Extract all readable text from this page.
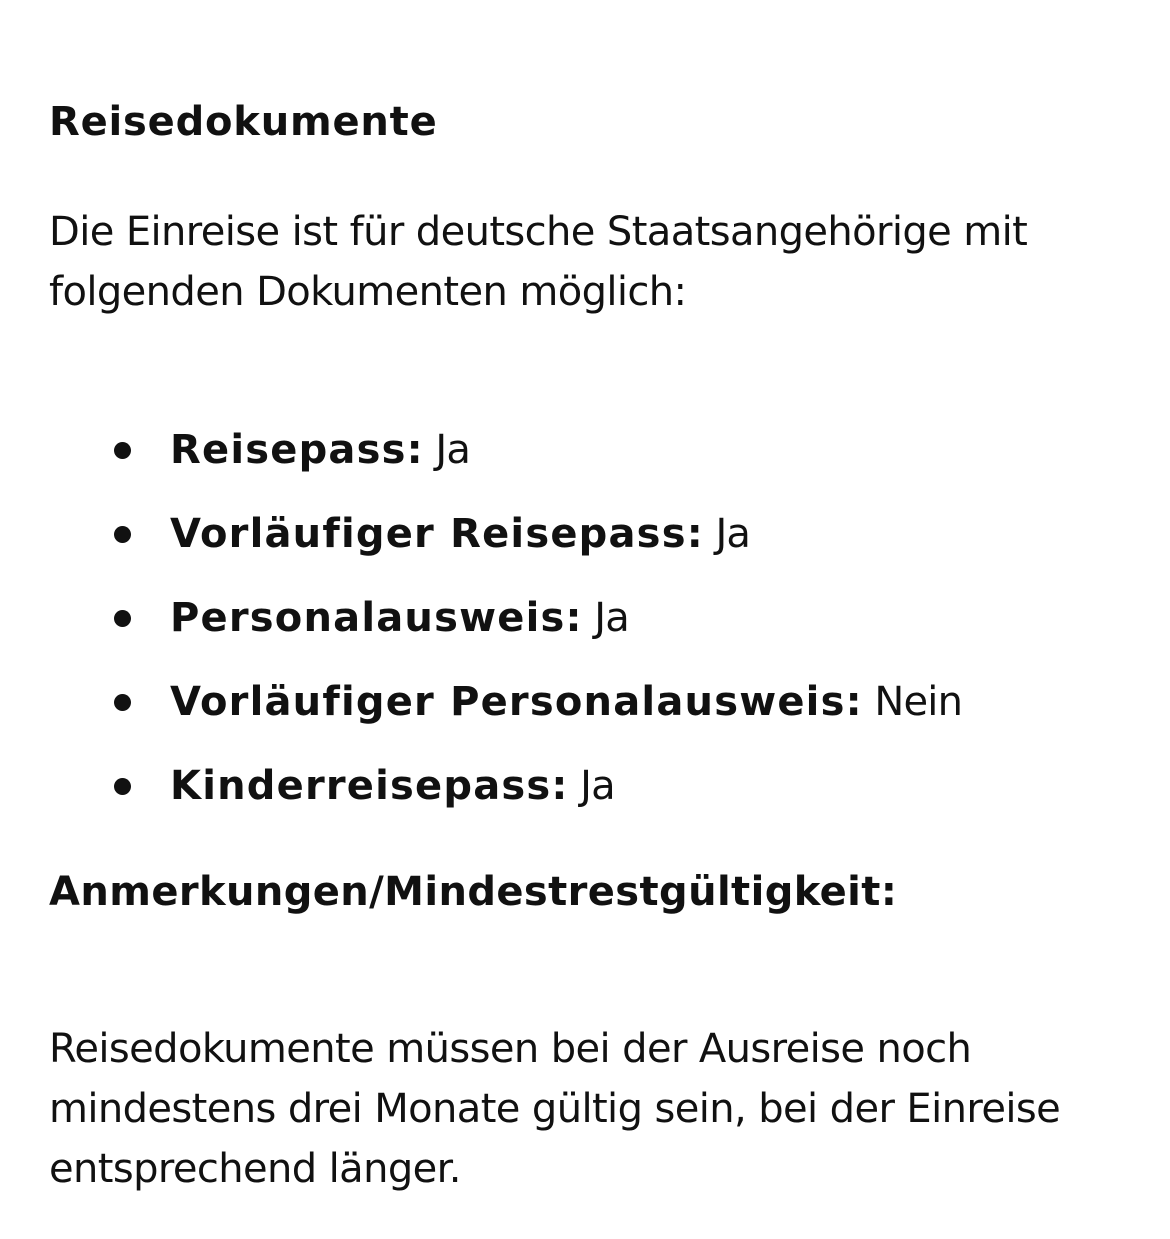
Reisedokumente

Die Einreise ist für deutsche Staatsangehörige mit folgenden Dokumenten möglich:

Reisepass: Ja
Vorläufiger Reisepass: Ja
Personalausweis: Ja
Vorläufiger Personalausweis: Nein
Kinderreisepass: Ja
Anmerkungen/Mindestrestgültigkeit:

Reisedokumente müssen bei der Ausreise noch mindestens drei Monate gültig sein, bei der Einreise entsprechend länger.
